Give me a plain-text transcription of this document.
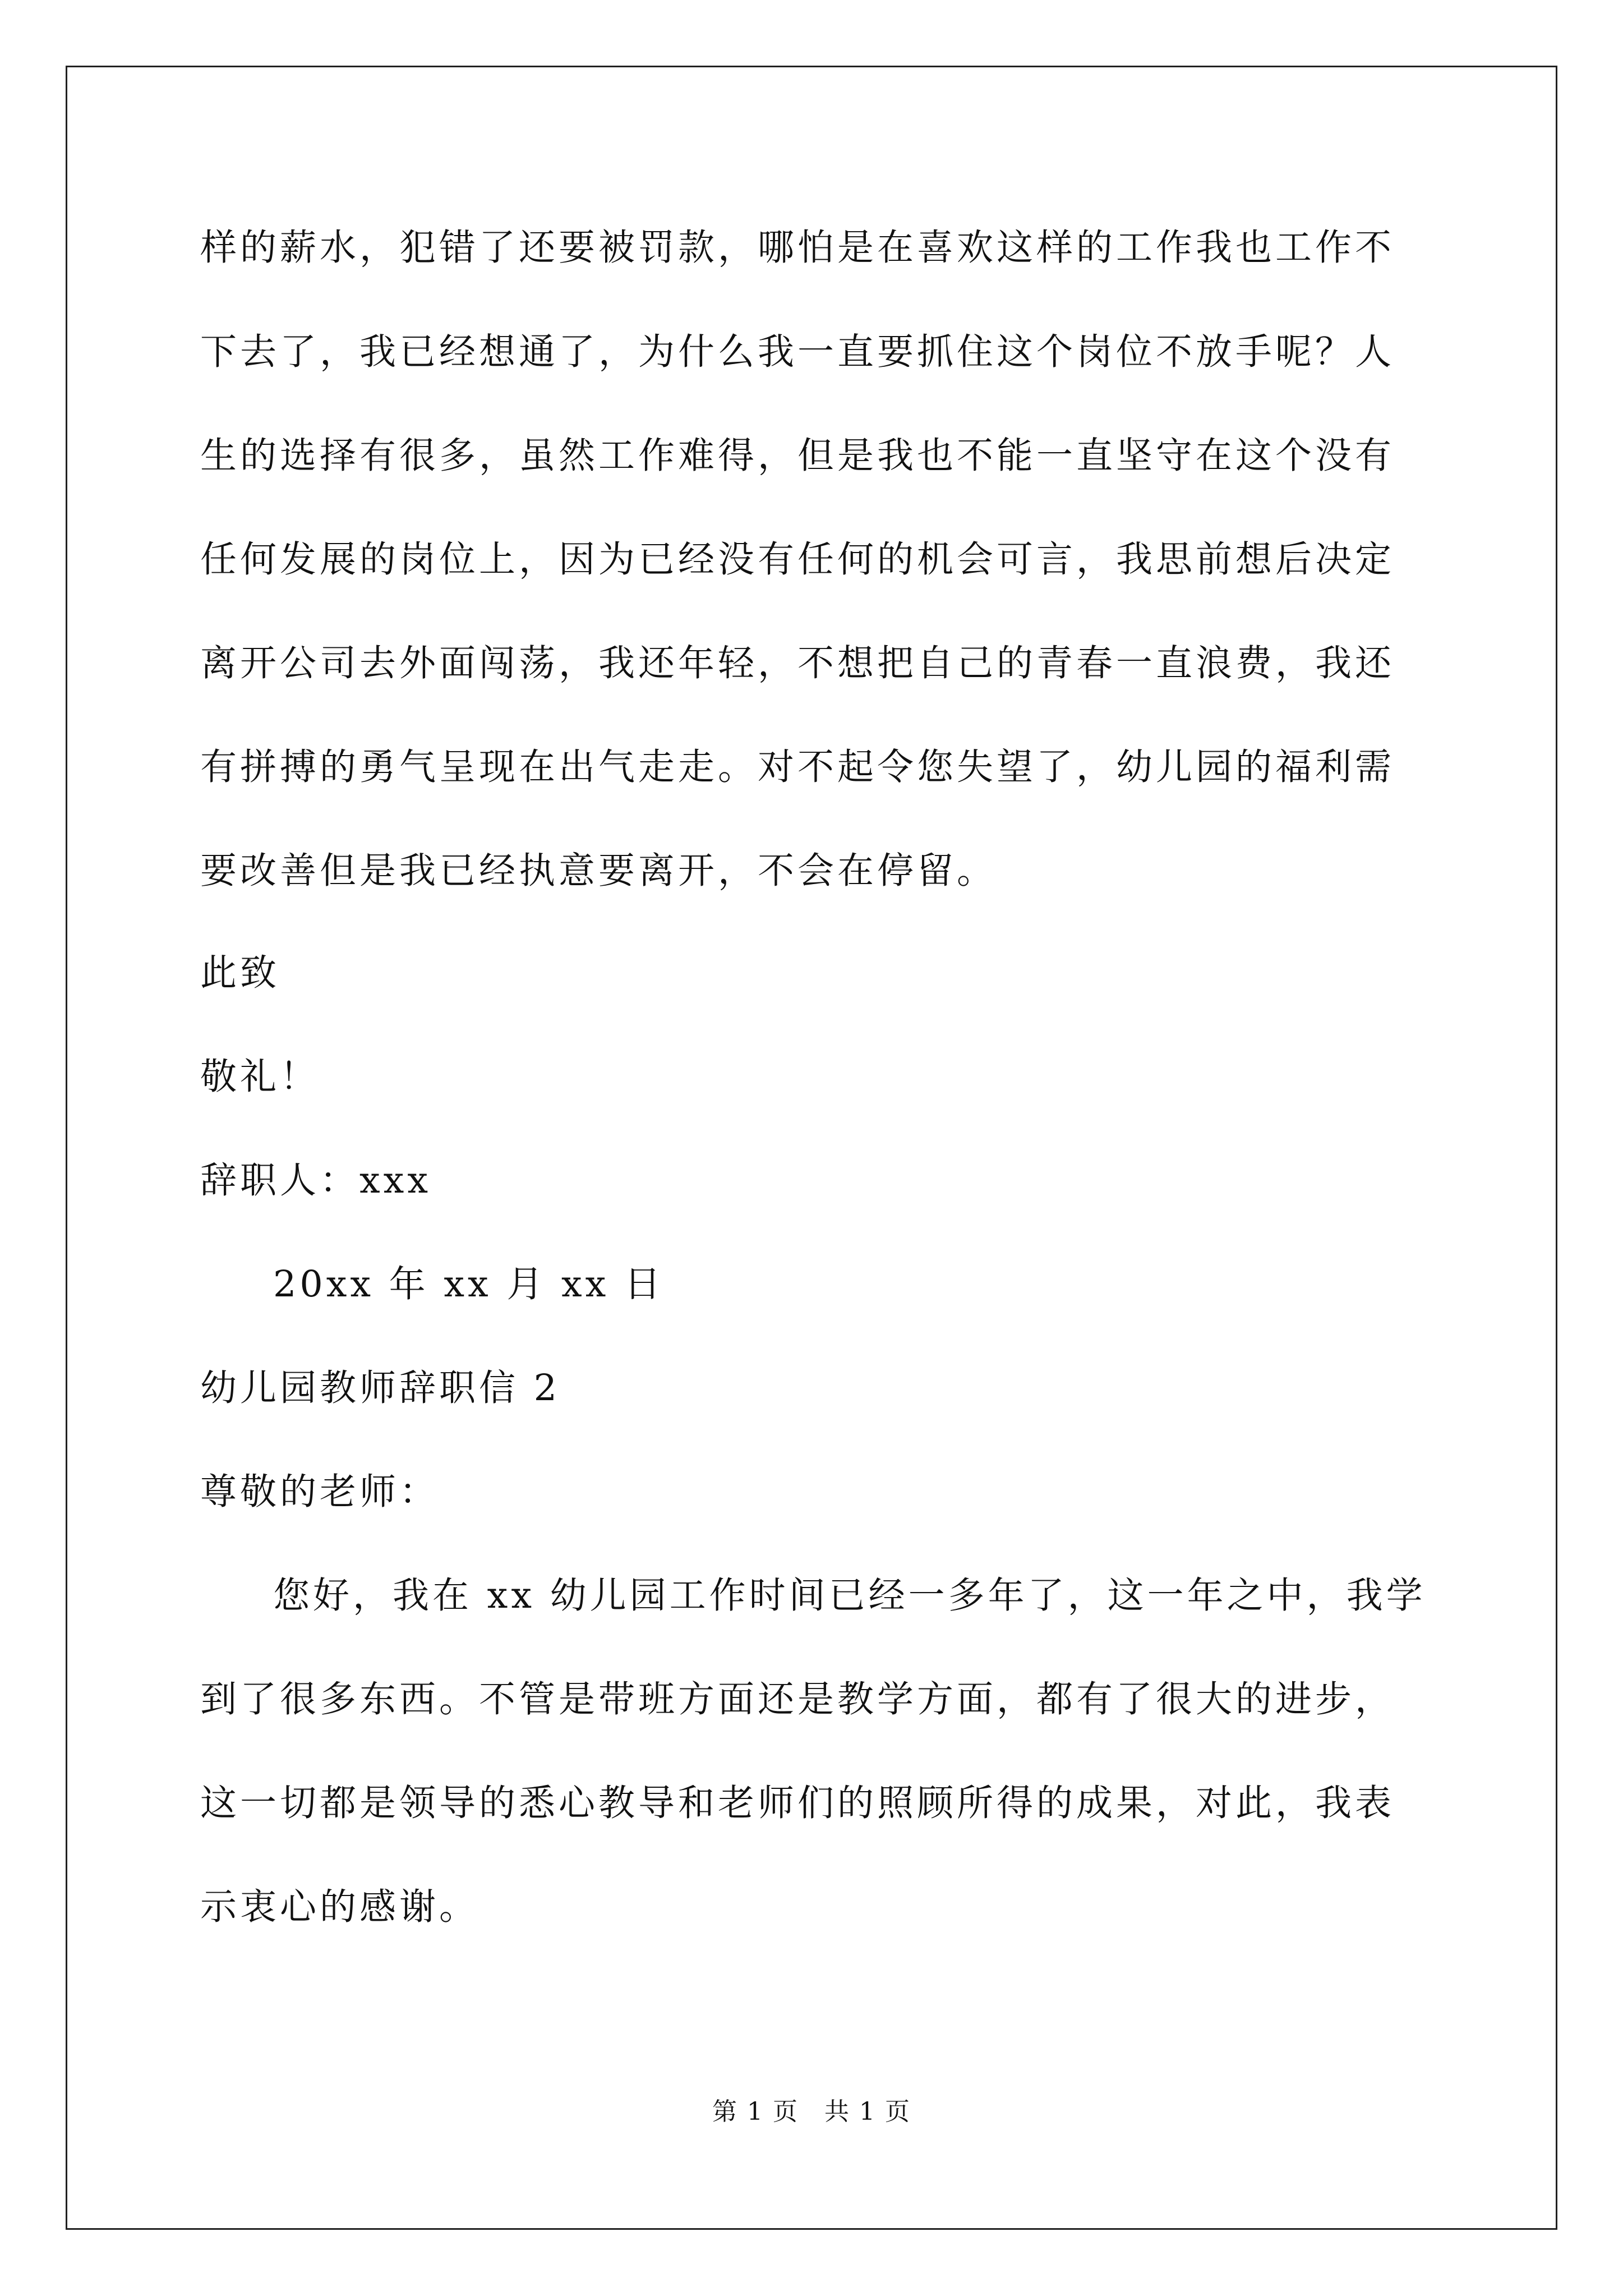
样的薪水，犯错了还要被罚款，哪怕是在喜欢这样的工作我也工作不
下去了，我已经想通了，为什么我一直要抓住这个岗位不放手呢？人
生的选择有很多，虽然工作难得，但是我也不能一直坚守在这个没有
任何发展的岗位上，因为已经没有任何的机会可言，我思前想后决定
离开公司去外面闯荡，我还年轻，不想把自己的青春一直浪费，我还
有拼搏的勇气呈现在出气走走。对不起令您失望了，幼儿园的福利需
要改善但是我已经执意要离开，不会在停留。
此致
敬礼！
辞职人：xxx
20xx 年 xx 月 xx 日
幼儿园教师辞职信 2
尊敬的老师：
您好，我在 xx 幼儿园工作时间已经一多年了，这一年之中，我学
到了很多东西。不管是带班方面还是教学方面，都有了很大的进步，
这一切都是领导的悉心教导和老师们的照顾所得的成果，对此，我表
示衷心的感谢。
第 1 页　共 1 页
